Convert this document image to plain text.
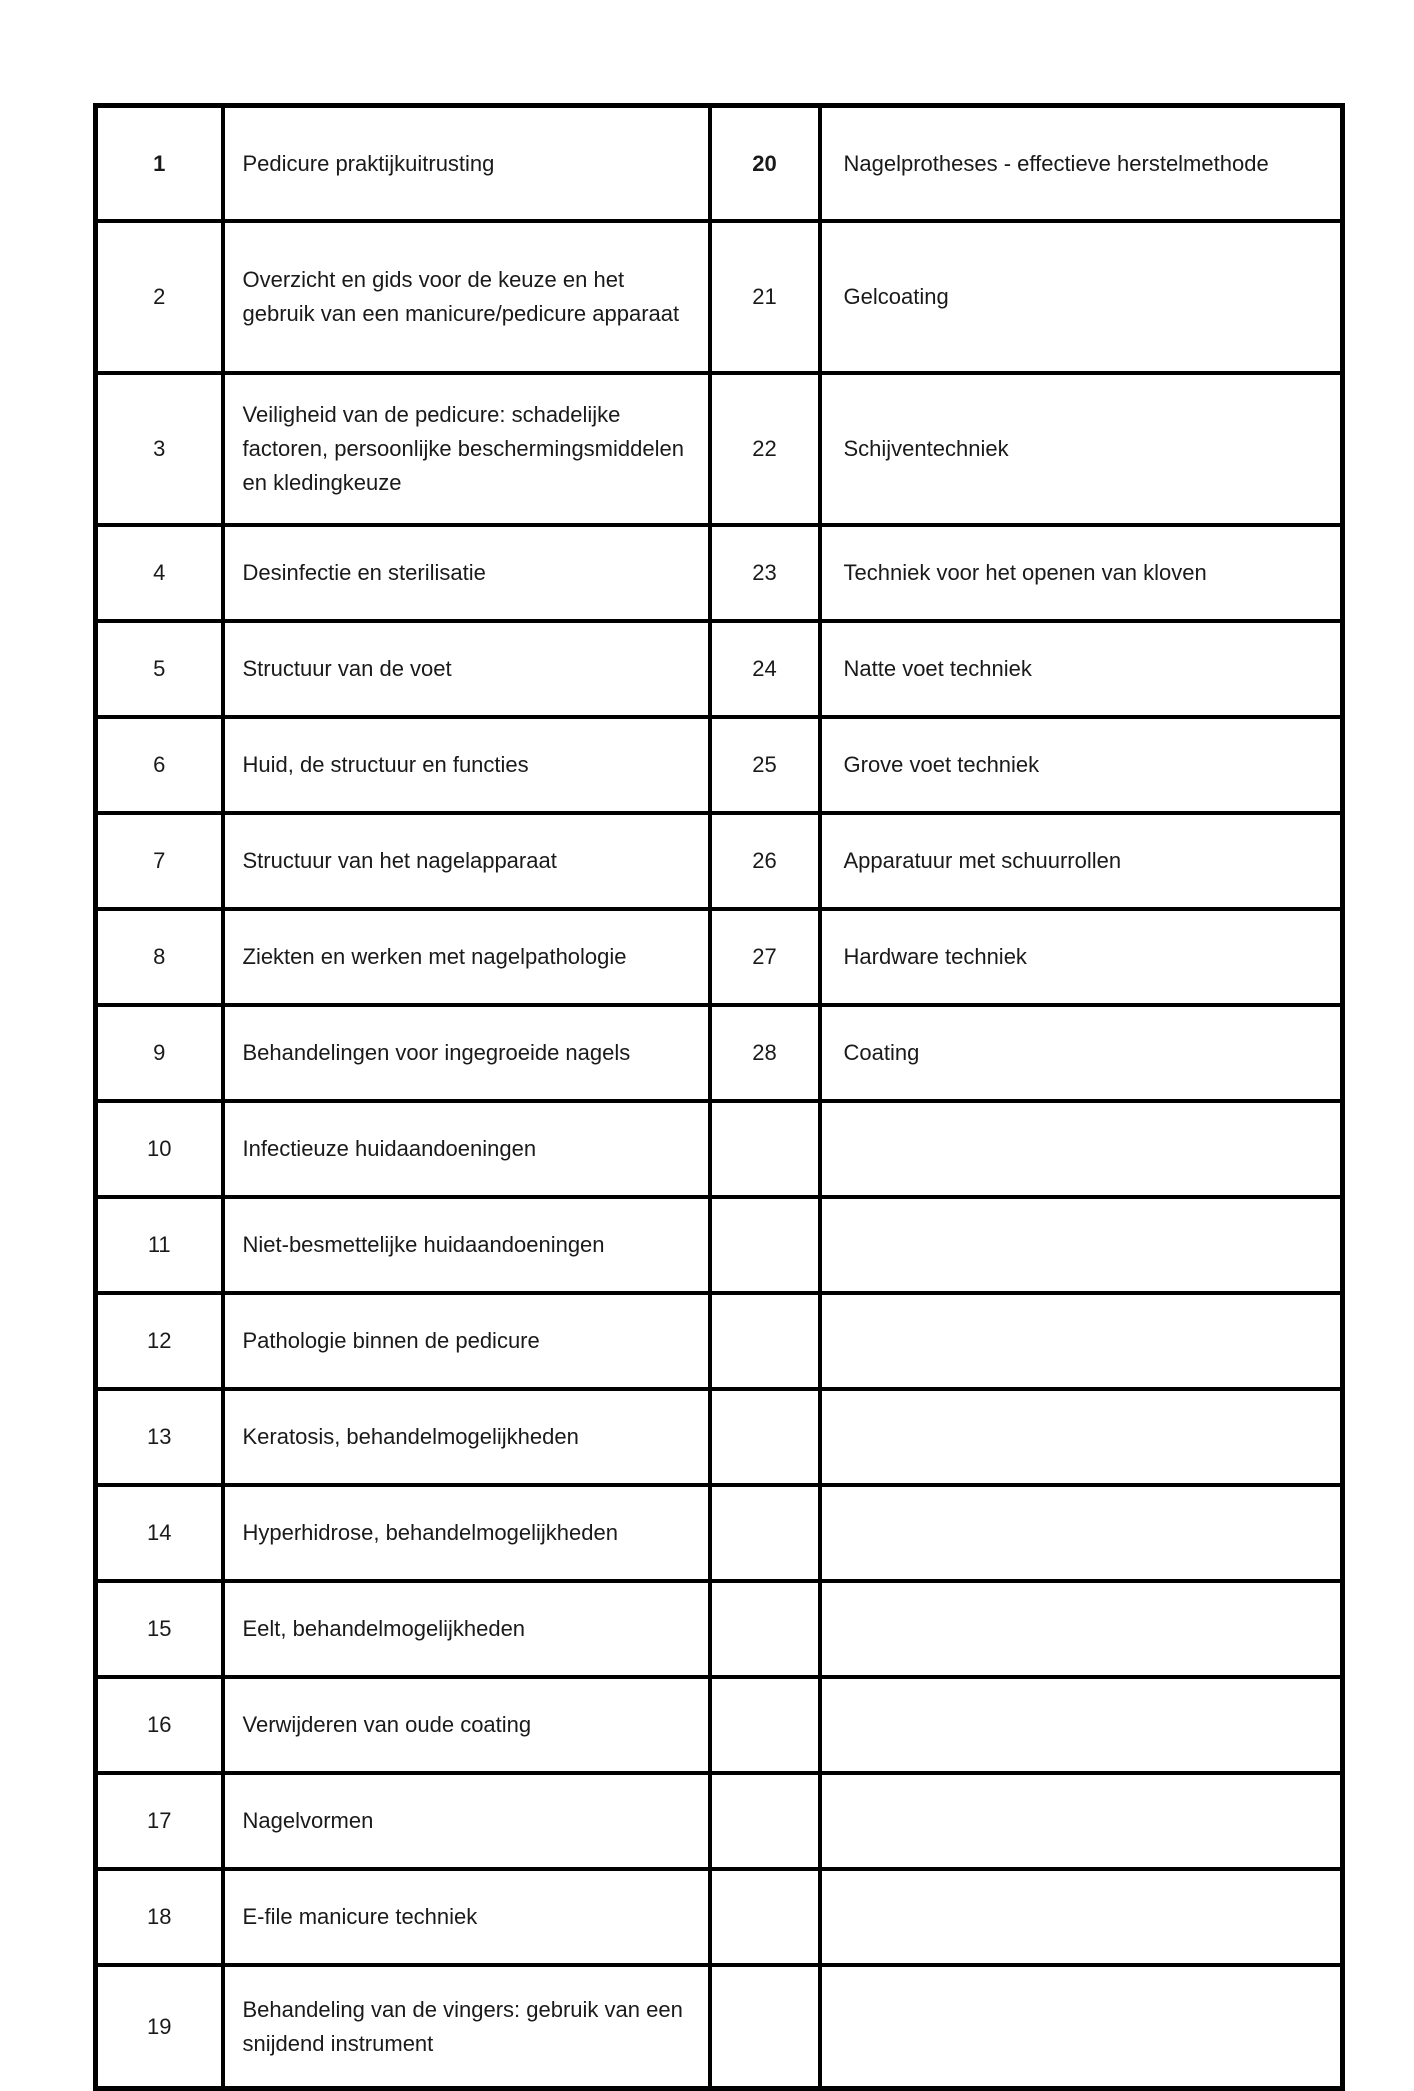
1	Pedicure praktijkuitrusting	20	Nagelprotheses - effectieve herstelmethode
2	Overzicht en gids voor de keuze en het gebruik van een manicure/pedicure apparaat	21	Gelcoating
3	Veiligheid van de pedicure: schadelijke factoren, persoonlijke beschermingsmiddelen en kledingkeuze	22	Schijventechniek
4	Desinfectie en sterilisatie	23	Techniek voor het openen van kloven
5	Structuur van de voet	24	Natte voet techniek
6	Huid, de structuur en functies	25	Grove voet techniek
7	Structuur van het nagelapparaat	26	Apparatuur met schuurrollen
8	Ziekten en werken met nagelpathologie	27	Hardware techniek
9	Behandelingen voor ingegroeide nagels	28	Coating
10	Infectieuze huidaandoeningen		
11	Niet-besmettelijke huidaandoeningen		
12	Pathologie binnen de pedicure		
13	Keratosis, behandelmogelijkheden		
14	Hyperhidrose, behandelmogelijkheden		
15	Eelt, behandelmogelijkheden		
16	Verwijderen van oude coating		
17	Nagelvormen		
18	E-file manicure techniek		
19	Behandeling van de vingers: gebruik van een snijdend instrument		
